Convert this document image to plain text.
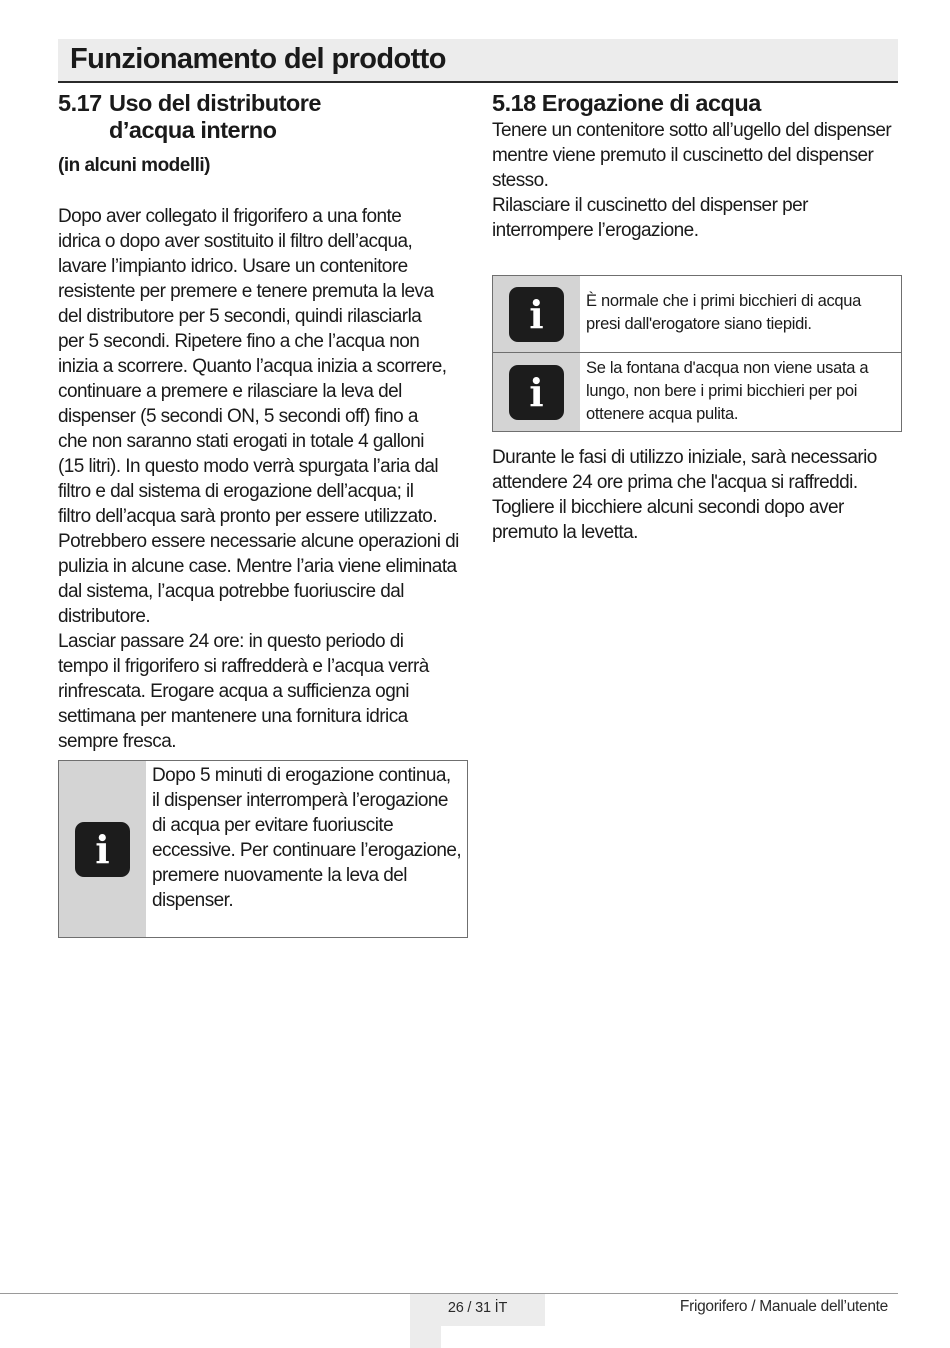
Funzionamento del prodotto
5.17 Uso del distributore
d’acqua interno
(in alcuni modelli)

Dopo aver collegato il frigorifero a una fonte
idrica o dopo aver sostituito il filtro dell’acqua,
lavare l’impianto idrico. Usare un contenitore
resistente per premere e tenere premuta la leva
del distributore per 5 secondi, quindi rilasciarla
per 5 secondi. Ripetere fino a che l’acqua non
inizia a scorrere. Quanto l’acqua inizia a scorrere,
continuare a premere e rilasciare la leva del
dispenser (5 secondi ON, 5 secondi off) fino a
che non saranno stati erogati in totale 4 galloni
(15 litri). In questo modo verrà spurgata l’aria dal
filtro e dal sistema di erogazione dell’acqua; il
filtro dell’acqua sarà pronto per essere utilizzato.
Potrebbero essere necessarie alcune operazioni di
pulizia in alcune case. Mentre l’aria viene eliminata
dal sistema, l’acqua potrebbe fuoriuscire dal
distributore.
Lasciar passare 24 ore: in questo periodo di
tempo il frigorifero si raffredderà e l’acqua verrà
rinfrescata. Erogare acqua a sufficienza ogni
settimana per mantenere una fornitura idrica
sempre fresca.

i

Dopo 5 minuti di erogazione continua,
il dispenser interromperà l’erogazione
di acqua per evitare fuoriuscite
eccessive. Per continuare l’erogazione,
premere nuovamente la leva del
dispenser.

5.18
Erogazione di acqua

Tenere un contenitore sotto all’ugello del dispenser
mentre viene premuto il cuscinetto del dispenser
stesso.
Rilasciare il cuscinetto del dispenser per
interrompere l’erogazione.

i	È normale che i primi bicchieri di acqua
presi dall'erogatore siano tiepidi.

i

Se la fontana d'acqua non viene usata a
lungo, non bere i primi bicchieri per poi
ottenere acqua pulita.

Durante le fasi di utilizzo iniziale, sarà necessario
attendere 24 ore prima che l'acqua si raffreddi.
Togliere il bicchiere alcuni secondi dopo aver
premuto la levetta.

26 / 31 İT	Frigorifero / Manuale dell’utente
